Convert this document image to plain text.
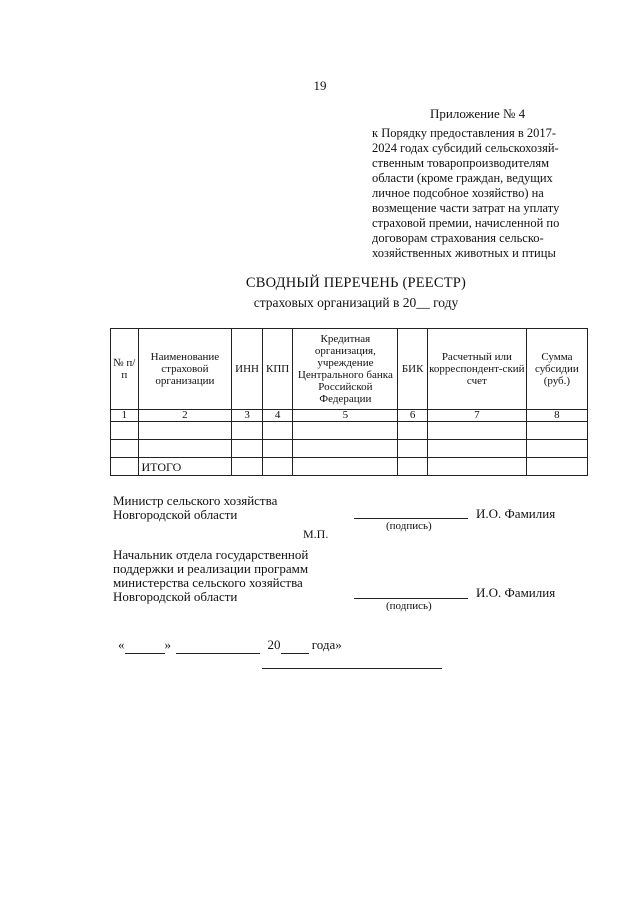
19
Приложение № 4
к Порядку предоставления в 2017-
2024 годах субсидий сельскохозяй-
ственным товаропроизводителям
области (кроме граждан, ведущих
личное подсобное хозяйство) на
возмещение части затрат на уплату
страховой премии, начисленной по
договорам страхования сельско-
хозяйственных животных и птицы
СВОДНЫЙ ПЕРЕЧЕНЬ (РЕЕСТР)
страховых организаций в 20__ году
№ п/п	Наименование страховой организации	ИНН	КПП	Кредитная организация, учреждение Центрального банка Российской Федерации	БИК	Расчетный или корреспондент-ский счет	Сумма субсидии (руб.)
1	2	3	4	5	6	7	8

	ИТОГО						
Министр сельского хозяйства
Новгородской области	И.О. Фамилия
(подпись)
М.П.
Начальник отдела государственной
поддержки и реализации программ
министерства сельского хозяйства
Новгородской области	И.О. Фамилия
(подпись)
«	»	20 года»
